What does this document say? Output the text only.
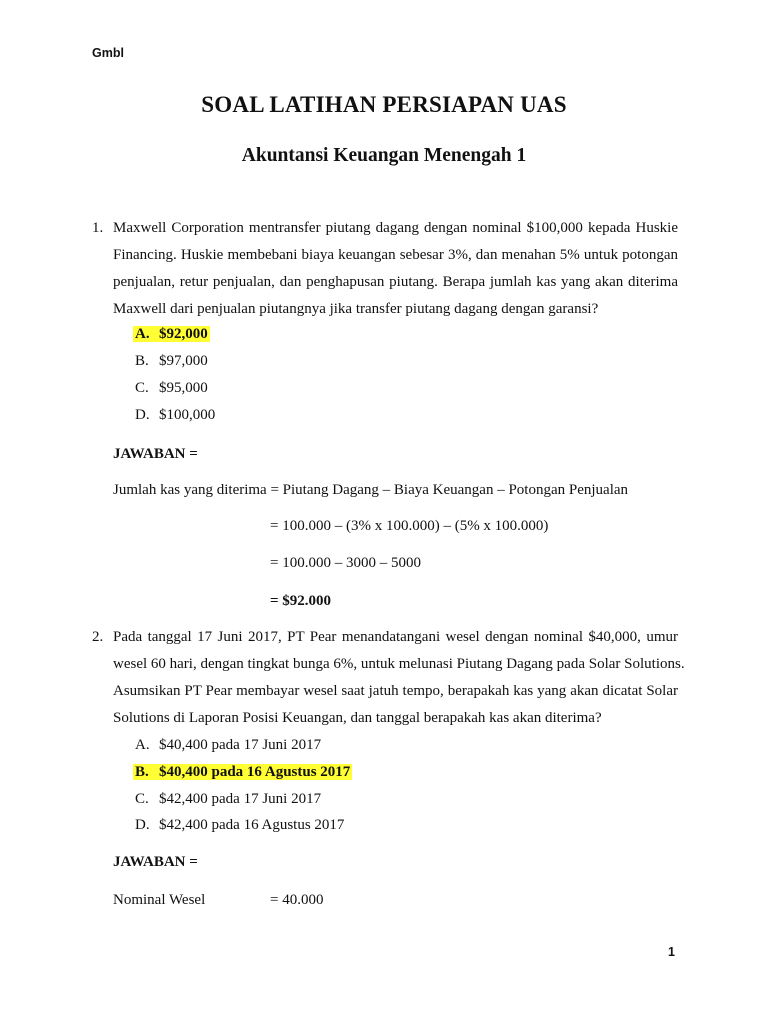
Gmbl
SOAL LATIHAN PERSIAPAN UAS
Akuntansi Keuangan Menengah 1
1. Maxwell Corporation mentransfer piutang dagang dengan nominal $100,000 kepada Huskie
Financing. Huskie membebani biaya keuangan sebesar 3%, dan menahan 5% untuk potongan
penjualan, retur penjualan, dan penghapusan piutang. Berapa jumlah kas yang akan diterima
Maxwell dari penjualan piutangnya jika transfer piutang dagang dengan garansi?
A. $92,000
B. $97,000
C. $95,000
D. $100,000
JAWABAN =
Jumlah kas yang diterima = Piutang Dagang – Biaya Keuangan – Potongan Penjualan
= 100.000 – (3% x 100.000) – (5% x 100.000)
= 100.000 – 3000 – 5000
= $92.000
2. Pada tanggal 17 Juni 2017, PT Pear menandatangani wesel dengan nominal $40,000, umur
wesel 60 hari, dengan tingkat bunga 6%, untuk melunasi Piutang Dagang pada Solar Solutions.
Asumsikan PT Pear membayar wesel saat jatuh tempo, berapakah kas yang akan dicatat Solar
Solutions di Laporan Posisi Keuangan, dan tanggal berapakah kas akan diterima?
A. $40,400 pada 17 Juni 2017
B. $40,400 pada 16 Agustus 2017
C. $42,400 pada 17 Juni 2017
D. $42,400 pada 16 Agustus 2017
JAWABAN =
Nominal Wesel	= 40.000
1
